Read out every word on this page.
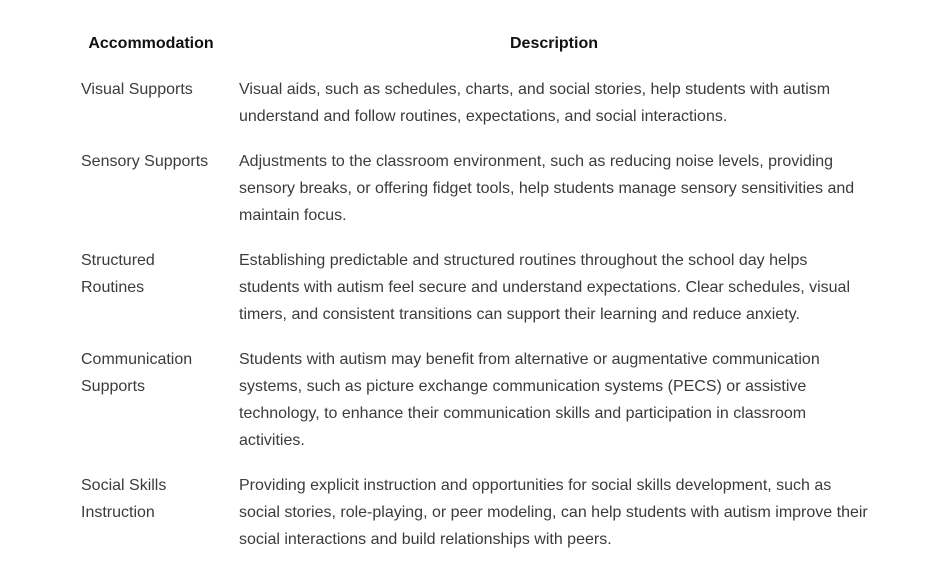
Accommodation	Description
Visual Supports	Visual aids, such as schedules, charts, and social stories, help students with autism understand and follow routines, expectations, and social interactions.
Sensory Supports	Adjustments to the classroom environment, such as reducing noise levels, providing sensory breaks, or offering fidget tools, help students manage sensory sensitivities and maintain focus.
Structured Routines	Establishing predictable and structured routines throughout the school day helps students with autism feel secure and understand expectations. Clear schedules, visual timers, and consistent transitions can support their learning and reduce anxiety.
Communication Supports	Students with autism may benefit from alternative or augmentative communication systems, such as picture exchange communication systems (PECS) or assistive technology, to enhance their communication skills and participation in classroom activities.
Social Skills Instruction	Providing explicit instruction and opportunities for social skills development, such as social stories, role-playing, or peer modeling, can help students with autism improve their social interactions and build relationships with peers.
